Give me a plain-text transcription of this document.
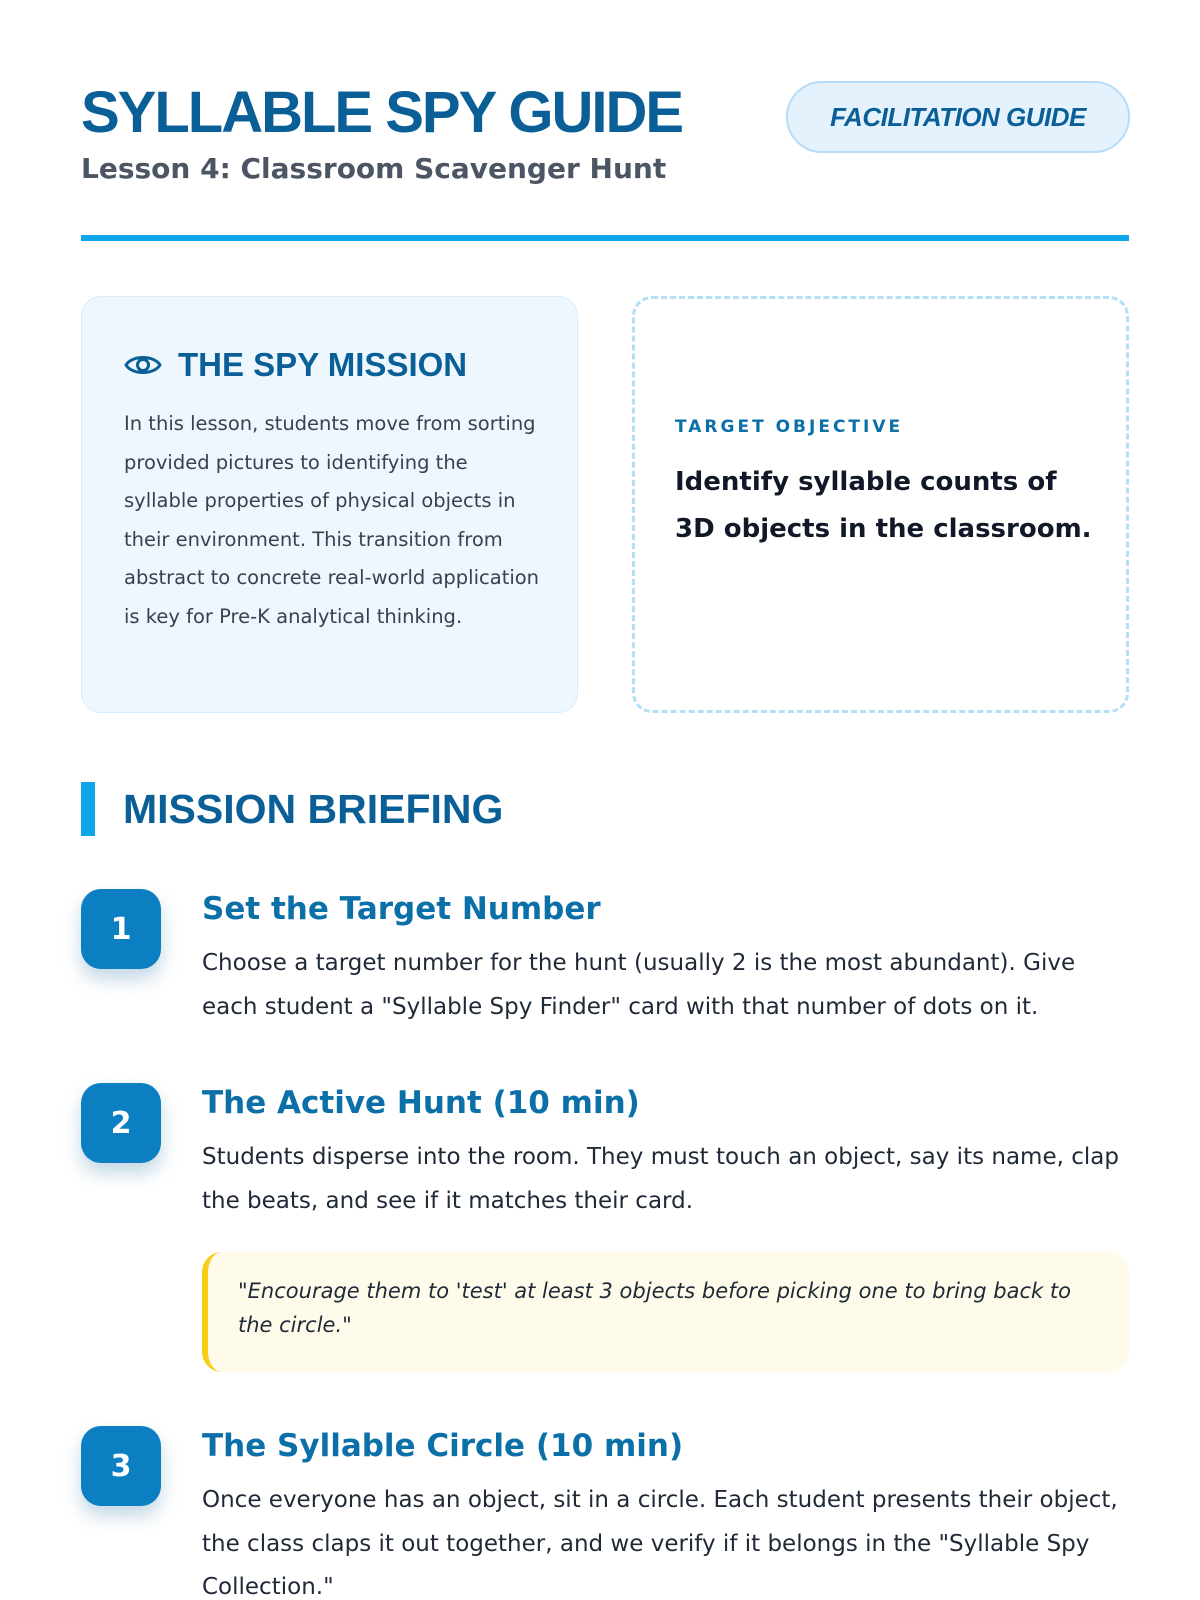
SYLLABLE SPY GUIDE
Lesson 4: Classroom Scavenger Hunt
FACILITATION GUIDE
THE SPY MISSION

In this lesson, students move from sorting provided pictures to identifying the syllable properties of physical objects in their environment. This transition from abstract to concrete real-world application is key for Pre-K analytical thinking.

TARGET OBJECTIVE

Identify syllable counts of 3D objects in the classroom.

MISSION BRIEFING
1
Set the Target Number

Choose a target number for the hunt (usually 2 is the most abundant). Give each student a "Syllable Spy Finder" card with that number of dots on it.

2
The Active Hunt (10 min)

Students disperse into the room. They must touch an object, say its name, clap the beats, and see if it matches their card.

"Encourage them to 'test' at least 3 objects before picking one to bring back to the circle."
3
The Syllable Circle (10 min)

Once everyone has an object, sit in a circle. Each student presents their object, the class claps it out together, and we verify if it belongs in the "Syllable Spy Collection."
